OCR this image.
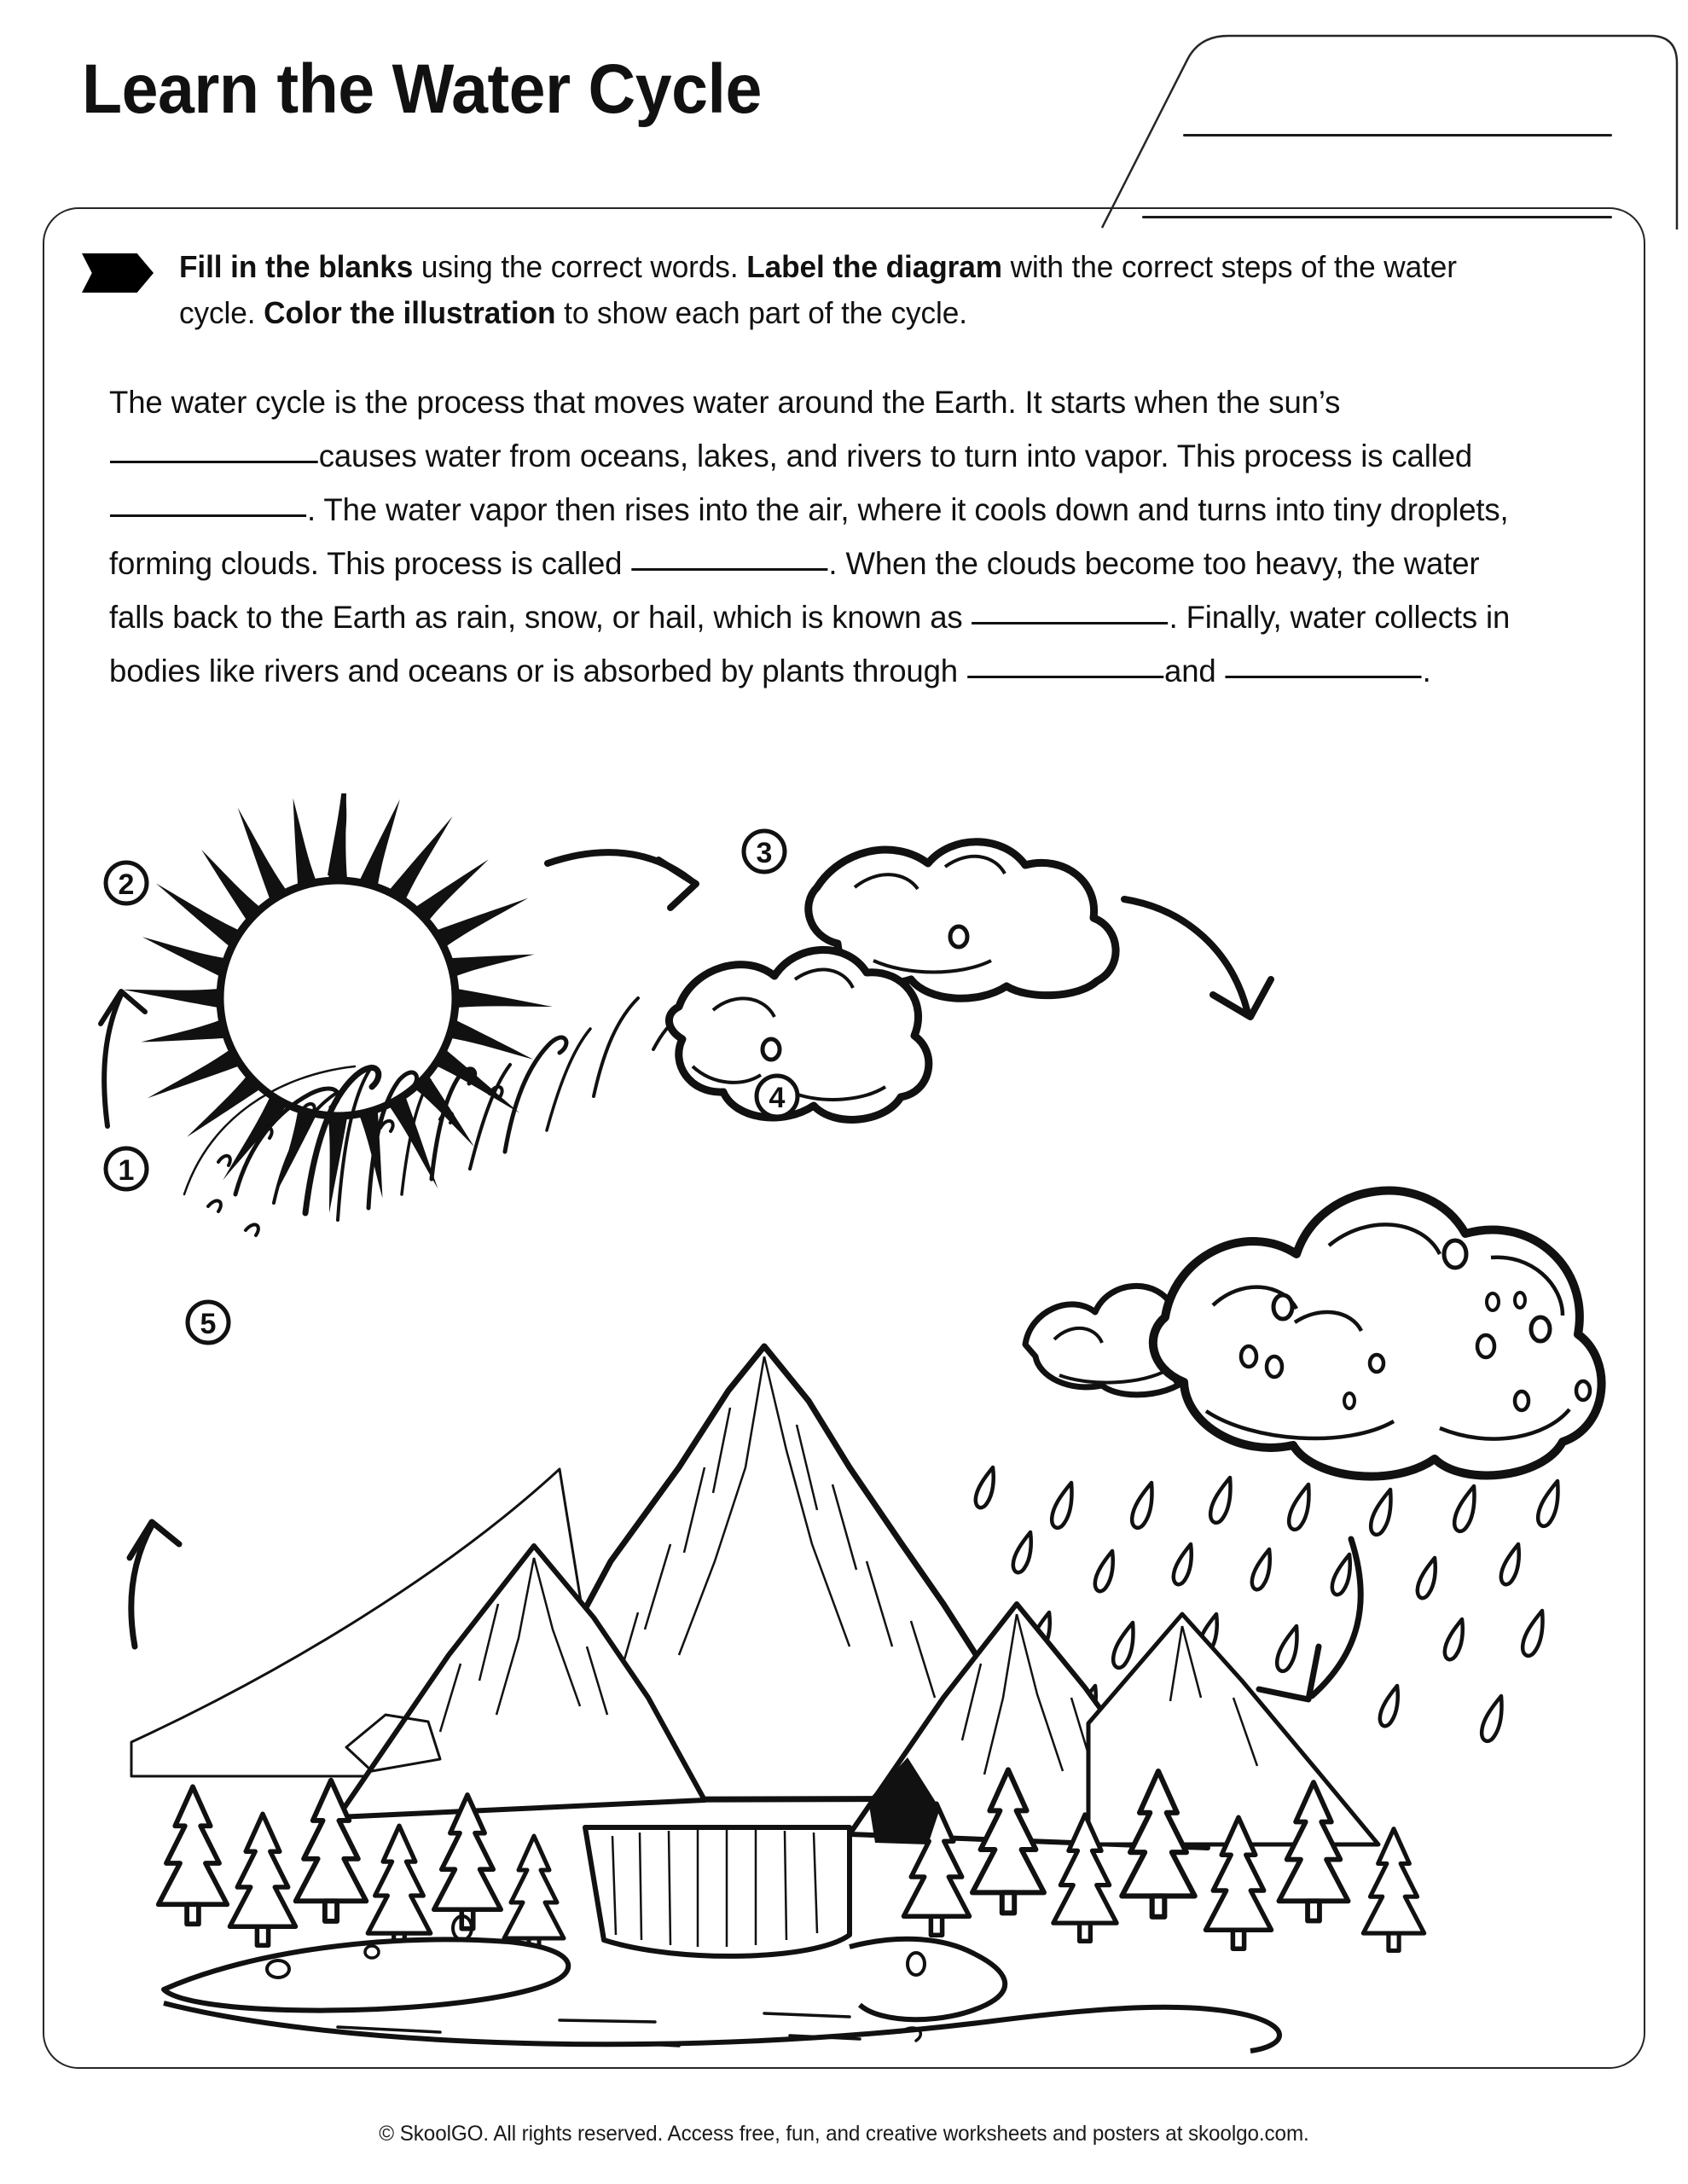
Learn the Water Cycle
Fill in the blanks using the correct words. Label the diagram with the correct steps of the water cycle. Color the illustration to show each part of the cycle.
The water cycle is the process that moves water around the Earth. It starts when the sun’s causes water from oceans, lakes, and rivers to turn into vapor. This process is called . The water vapor then rises into the air, where it cools down and turns into tiny droplets, forming clouds. This process is called	. When the clouds become too heavy, the water falls back to the Earth as rain, snow, or hail, which is known as	. Finally, water collects in bodies like rivers and oceans or is absorbed by plants through	and	.
1
2
3
4
5
© SkoolGO. All rights reserved. Access free, fun, and creative worksheets and posters at skoolgo.com.
